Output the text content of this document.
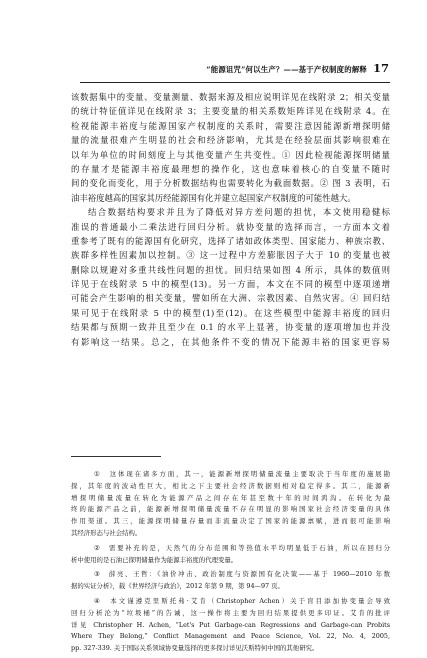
“能源诅咒”何以生产？——基于产权制度的解释 17
该数据集中的变量、变量测量、数据来源及相应说明详见在线附录 2；相关变量
的统计特征值详见在线附录 3；主要变量的相关系数矩阵详见在线附录 4。在
检视能源丰裕度与能源国家产权制度的关系时，需要注意因能源新增探明储
量的流量很难产生明显的社会和经济影响，尤其是在经验层面其影响很难在
以年为单位的时间刻度上与其他变量产生共变性。① 因此检视能源探明储量
的存量才是能源丰裕度最理想的操作化，这也意味着核心的自变量不随时
间的变化而变化，用于分析数据结构也需要转化为截面数据。② 图 3 表明，石
油丰裕度越高的国家其历经能源国有化并建立起国家产权制度的可能性越大。
结合数据结构要求并且为了降低对异方差问题的担忧，本文使用稳健标
准误的普通最小二乘法进行回归分析。就协变量的选择而言，一方面本文着
重参考了既有的能源国有化研究，选择了诸如政体类型、国家能力、种族宗教、
族群多样性因素加以控制。③ 这一过程中方差膨胀因子大于 10 的变量也被
删除以规避对多重共线性问题的担忧。回归结果如图 4 所示，具体的数值则
详见于在线附录 5 中的模型(13)。另一方面，本文在不同的模型中逐项递增
可能会产生影响的相关变量，譬如所在大洲、宗教因素、自然灾害。④ 回归结
果可见于在线附录 5 中的模型(1)至(12)。在这些模型中能源丰裕度的回归
结果都与预期一致并且至少在 0.1 的水平上显著，协变量的逐项增加也并没
有影响这一结果。总之，在其他条件不变的情况下能源丰裕的国家更容易
① 这体现在诸多方面，其一，能源新增探明储量流量主要取决于当年度的施展勘
探，其年度的波动性巨大，相比之下主要社会经济数据则相对稳定得多。其二，能源新
增探明储量流量在转化为能源产品之间存在年甚至数十年的时间鸿沟。在转化为最
终的能源产品之前，能源新增探明储量流量不存在明显的影响国家社会经济变量的具体
作用渠道。其三，能源探明储量存量而非流量决定了国家的能源禀赋，进而很可能影响
其经济形态与社会结构。
② 需要补充的是，天然气的分布范围和等热值水平均明显低于石油，所以在回归分
析中使用的是石油已探明储量作为能源丰裕度的代理变量。
③ 薛亮、王哲：《油价冲击、政治制度与资源国有化决策——基于 1960—2010 年数
据的实证分析》，载《世界经济与政治》，2012 年第 9 期，第 94—97 页。
④ 本文谨遵克里斯托弗·艾肯（Christopher Achen）关于盲目添加协变量会导致
回归分析沦为“垃圾桶”的告诫，这一操作将主要为回归结果提供更多印证。艾肯的批评
详见 Christopher H. Achen, “Let's Put Garbage-can Regressions and Garbage-can Probits
Where They Belong,” Conflict Management and Peace Science, Vol. 22, No. 4, 2005,
pp. 327-339. 关于国际关系领域协变量选择的更多探讨详见沃斯特何中国的其他研究。
